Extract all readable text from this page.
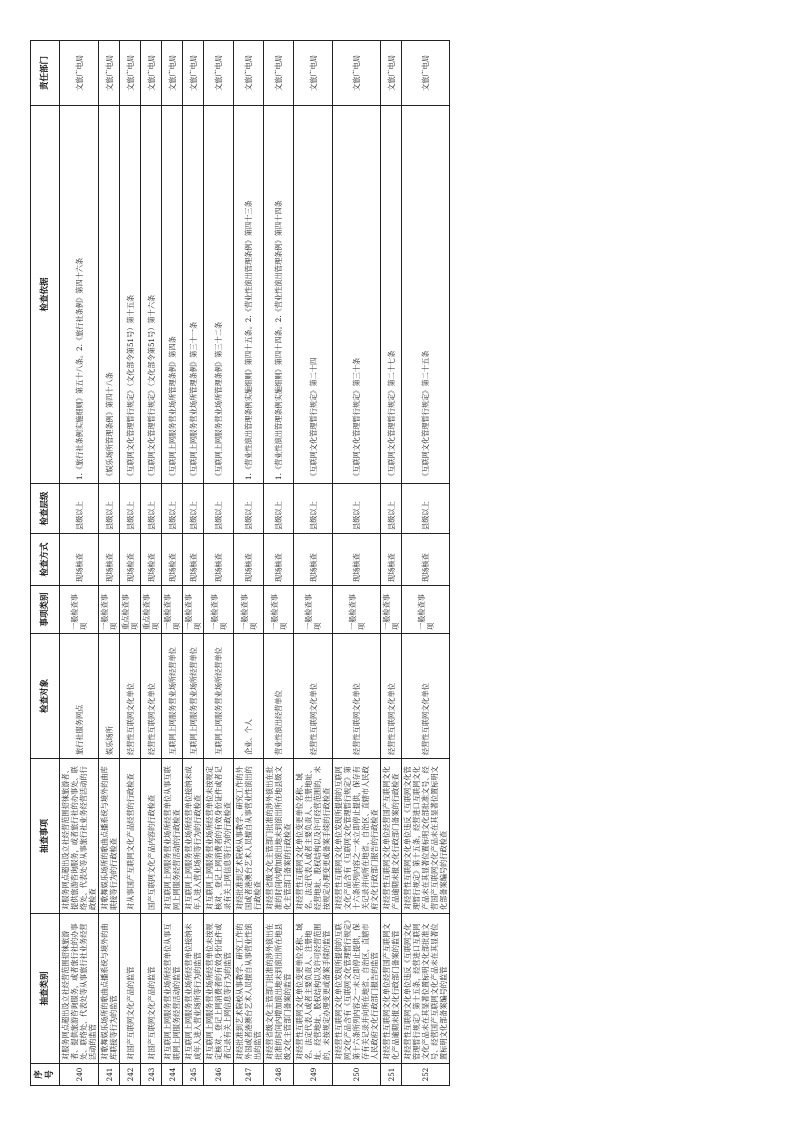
序号	抽查类别	抽查事项	检查对象	事项类别	检查方式	检查层级	检查依据	责任部门
240	对服务网点超出设立社经营范围招徕旅游者、提供旅游咨询服务，或者旅行社的办事处、联络处、代表处等从事旅行社业务经营活动的监管	对服务网点超出设立社经营范围招徕旅游者、提供旅游咨询服务，或者旅行社的办事处、联络处、代表处等从事旅行社业务经营活动的行政检查	旅行社服务网点	一般检查事项	现场核查	县级以上	1.《旅行社条例实施细则》第五十八条。2.《旅行社条例》第四十六条	文旅广电局
241	对歌舞娱乐场所的歌曲点播系统与境外的曲库联接等行为的监管	对歌舞娱乐场所的歌曲点播系统与境外的曲库联接等行为的行政检查	娱乐场所	一般检查事项	现场核查	县级以上	《娱乐场所管理条例》第四十八条	文旅广电局
242	对国产互联网文化产品的监管	对从事国产互联网文化产品经营的行政检查	经营性互联网文化单位	重点检查事项	现场检查	县级以上	《互联网文化管理暂行规定》（文化部令第51号）第十五条	文旅广电局
243	对国产互联网文化产品的监管	国产互联网文化产品内容的行政检查	经营性互联网文化单位	重点检查事项	现场检查	县级以上	《互联网文化管理暂行规定》（文化部令第51号）第十六条	文旅广电局
244	对互联网上网服务营业场所经营单位从事互联网上网服务经营活动的监管	对互联网上网服务营业场所经营单位从事互联网上网服务经营活动的行政检查	互联网上网服务营业场所经营单位	一般检查事项	现场检查	县级以上	《互联网上网服务营业场所管理条例》第四条	文旅广电局
245	对互联网上网服务营业场所经营单位接纳未成年人进入营业场所等行为的监管	对互联网上网服务营业场所经营单位接纳未成年人进入营业场所等行为的行政检查	互联网上网服务营业场所经营单位	一般检查事项	现场核查	县级以上	《互联网上网服务营业场所管理条例》第三十一条	文旅广电局
246	对互联网上网服务营业场所经营单位未按规定核对、登记上网消费者的有效身份证件或者记录有关上网信息等行为的监管	对互联网上网服务营业场所经营单位未按规定核对、登记上网消费者的有效身份证件或者记录有关上网信息等行为的行政检查	互联网上网服务营业场所经营单位	一般检查事项	现场核查	县级以上	《互联网上网服务营业场所管理条例》第三十二条	文旅广电局
247	对经批准到艺术院校从事教学、研究工作的外国或者港澳台艺术人员擅自从事营业性演出的监管	对经批准到艺术院校从事教学、研究工作的外国或者港澳台艺术人员擅自从事营业性演出的行政检查	企业、个人	一般检查事项	现场核查	县级以上	1.《营业性演出管理条例实施细则》第四十五条。2.《营业性演出管理条例》第四十三条	文旅广电局
248	对经营省级文化主管部门批准的涉外演出在批准的时间内增加演出地未到演出所在地县级文化主管部门备案的监管	对经营省级文化主管部门批准的涉外演出在批准的时间内增加演出地未到演出所在地县级文化主管部门备案的行政检查	营业性演出经营单位	一般检查事项	现场核查	县级以上	1.《营业性演出管理条例实施细则》第四十四条。2.《营业性演出管理条例》第四十四条	文旅广电局
249	对经营性互联网文化单位变更单位名称、域名、法定代表人或者主要负责人、注册地址、经营地址、股权结构以及许可经营范围的，未按规定办理变更或备案手续的监管	对经营性互联网文化单位变更单位名称、域名、法定代表人或者主要负责人、注册地址、经营地址、股权结构以及许可经营范围的，未按规定办理变更或备案手续的行政检查	经营性互联网文化单位	一般检查事项	现场核查	县级以上	《互联网文化管理暂行规定》第二十四	文旅广电局
250	对经营性互联网文化单位发现所提供的互联网文化产品含有《互联网文化管理暂行规定》第十六条所列内容之一未立即停止提供，保存有关记录并向所在地省、自治区、直辖市人民政府文化行政部门报告的监管	对经营性互联网文化单位发现所提供的互联网文化产品含有《互联网文化管理暂行规定》第十六条所列内容之一未立即停止提供，保存有关记录并向所在地省、自治区、直辖市人民政府文化行政部门报告的行政检查	经营性互联网文化单位	一般检查事项	现场核查	县级以上	《互联网文化管理暂行规定》第三十条	文旅广电局
251	对经营性互联网文化单位经营国产互联网文化产品逾期未报文化行政部门备案的监管	对经营性互联网文化单位经营国产互联网文化产品逾期未报文化行政部门备案的行政检查	经营性互联网文化单位	一般检查事项	现场核查	县级以上	《互联网文化管理暂行规定》第二十七条	文旅广电局
252	对经营性互联网文化单位违反《互联网文化管理暂行规定》第十五条，经营进口互联网文化产品未在其显著位置标明文化部批准文号、经营国产互联网文化产品未在其显著位置标明文化部备案编号的监管	对经营性互联网文化单位违反《互联网文化管理暂行规定》第十五条，经营进口互联网文化产品未在其显著位置标明文化部批准文号、经营国产互联网文化产品未在其显著位置标明文化部备案编号的行政检查	经营性互联网文化单位	一般检查事项	现场核查	县级以上	《互联网文化管理暂行规定》第二十五条	文旅广电局
